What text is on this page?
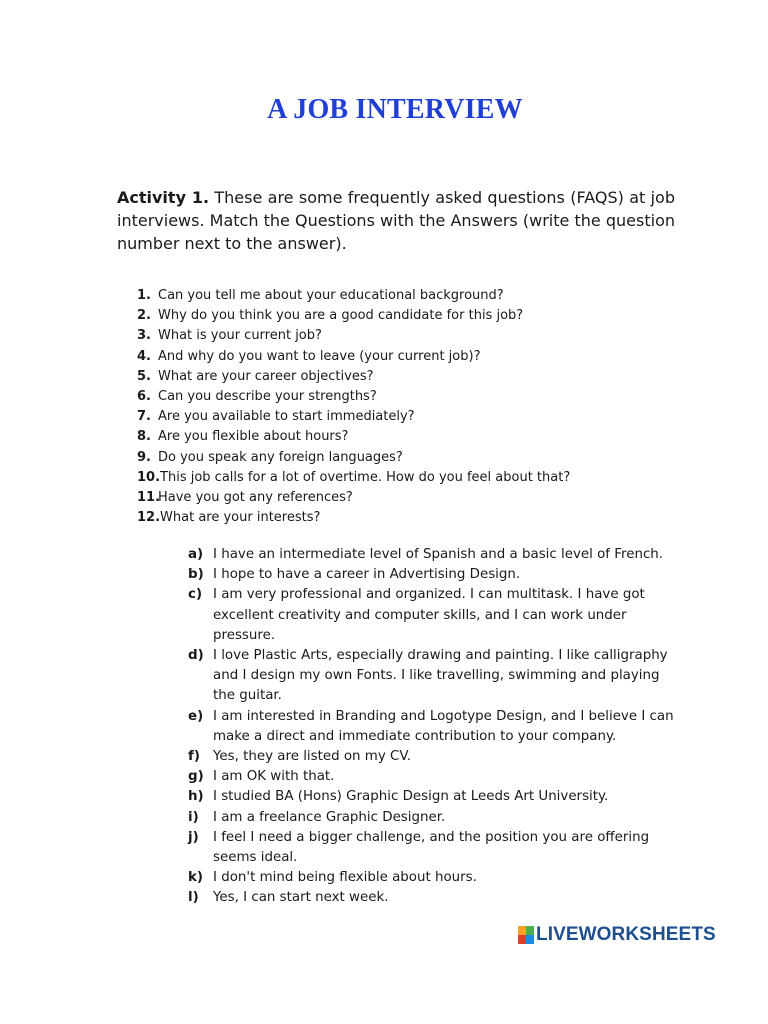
A JOB INTERVIEW
Activity 1. These are some frequently asked questions (FAQS) at job interviews. Match the Questions with the Answers (write the question number next to the answer).
1. Can you tell me about your educational background?
2. Why do you think you are a good candidate for this job?
3. What is your current job?
4. And why do you want to leave (your current job)?
5. What are your career objectives?
6. Can you describe your strengths?
7. Are you available to start immediately?
8. Are you flexible about hours?
9. Do you speak any foreign languages?
10.This job calls for a lot of overtime. How do you feel about that?
11.Have you got any references?
12.What are your interests?
a) I have an intermediate level of Spanish and a basic level of French.
b) I hope to have a career in Advertising Design.
c) I am very professional and organized. I can multitask. I have got excellent creativity and computer skills, and I can work under pressure.
d) I love Plastic Arts, especially drawing and painting. I like calligraphy and I design my own Fonts. I like travelling, swimming and playing the guitar.
e) I am interested in Branding and Logotype Design, and I believe I can make a direct and immediate contribution to your company.
f) Yes, they are listed on my CV.
g) I am OK with that.
h) I studied BA (Hons) Graphic Design at Leeds Art University.
i)	I am a freelance Graphic Designer.
j)	I feel I need a bigger challenge, and the position you are offering seems ideal.
k) I don't mind being flexible about hours.
l)	Yes, I can start next week.
LIVEWORKSHEETS
